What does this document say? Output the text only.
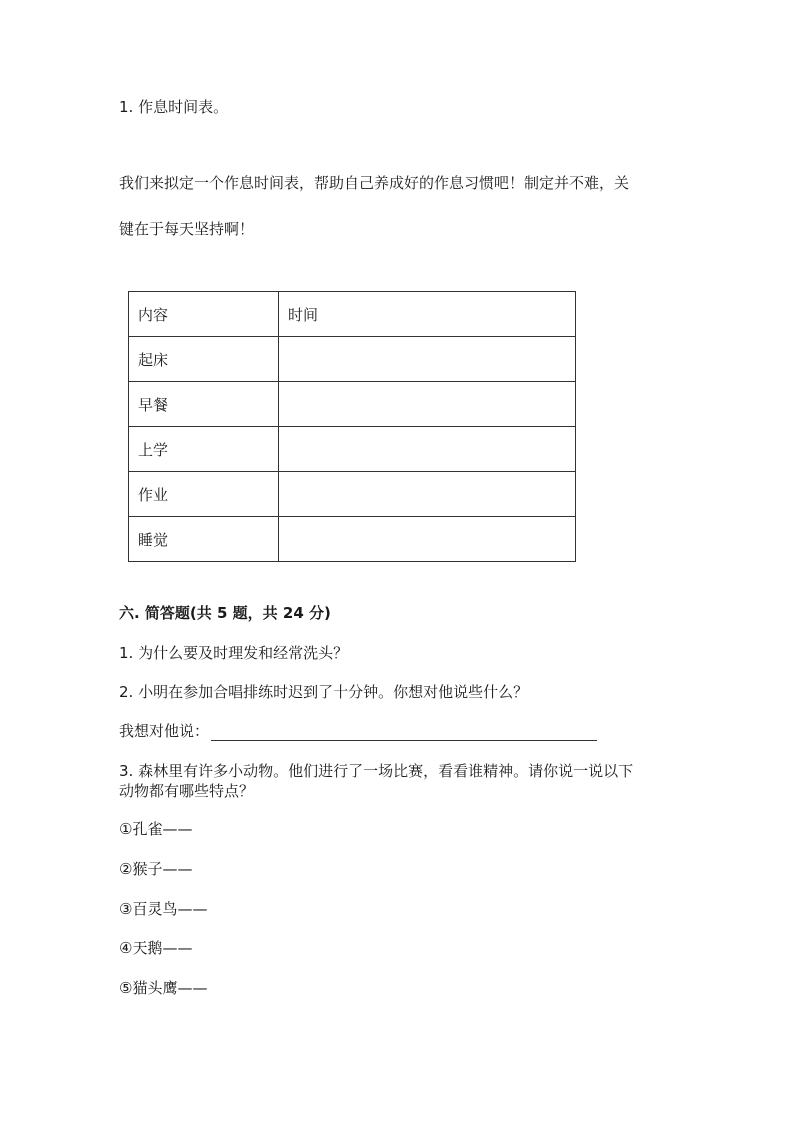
1. 作息时间表。
我们来拟定一个作息时间表，帮助自己养成好的作息习惯吧！制定并不难，关
键在于每天坚持啊！
内容	时间
起床	
早餐	
上学	
作业	
睡觉	
六. 简答题(共 5 题，共 24 分)
1. 为什么要及时理发和经常洗头？
2. 小明在参加合唱排练时迟到了十分钟。你想对他说些什么？
我想对他说：
3. 森林里有许多小动物。他们进行了一场比赛，看看谁精神。请你说一说以下
动物都有哪些特点？
①孔雀——
②猴子——
③百灵鸟——
④天鹅——
⑤猫头鹰——
